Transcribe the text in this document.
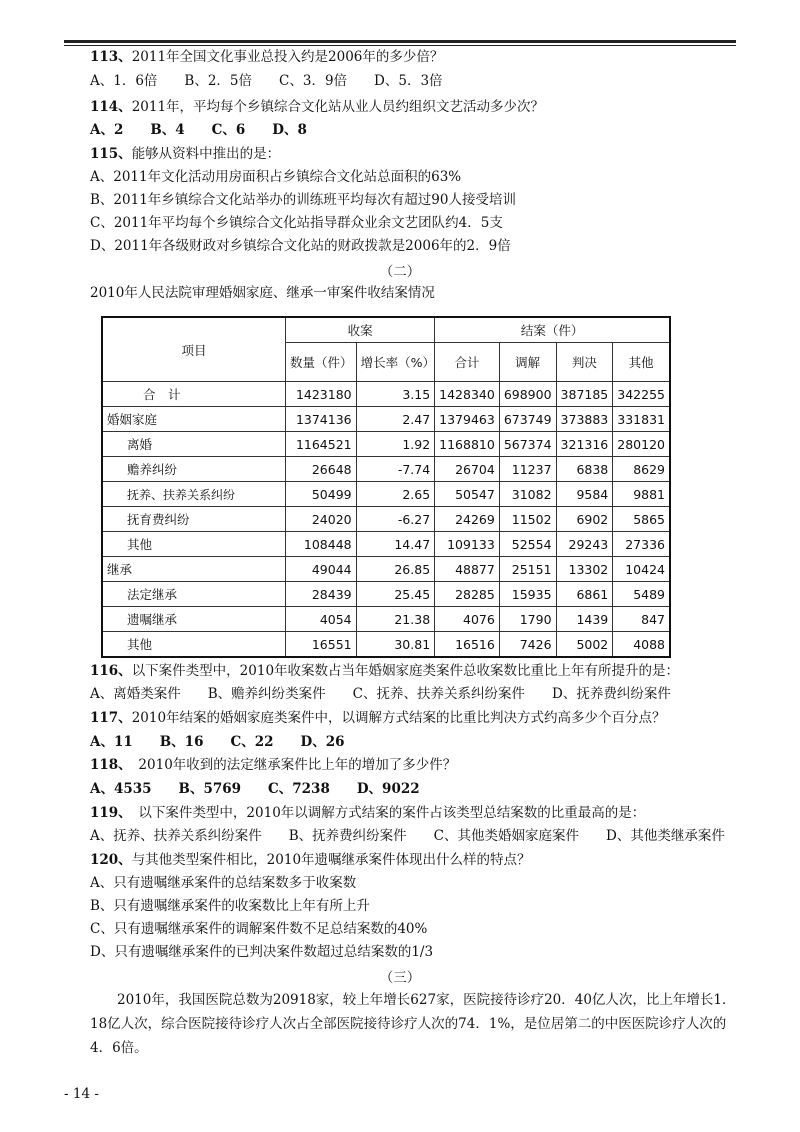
113、2011年全国文化事业总投入约是2006年的多少倍？
A、1．6倍　　B、2．5倍　　C、3．9倍　　D、5．3倍
114、2011年，平均每个乡镇综合文化站从业人员约组织文艺活动多少次？
A、2　　B、4　　C、6　　D、8
115、能够从资料中推出的是：
A、2011年文化活动用房面积占乡镇综合文化站总面积的63%
B、2011年乡镇综合文化站举办的训练班平均每次有超过90人接受培训
C、2011年平均每个乡镇综合文化站指导群众业余文艺团队约4．5支
D、2011年各级财政对乡镇综合文化站的财政拨款是2006年的2．9倍
（二）
2010年人民法院审理婚姻家庭、继承一审案件收结案情况
项目	收案		结案（件）			
	数量（件）	增长率（%）	合计	调解	判决	其他
合　计	1423180	3.15	1428340	698900	387185	342255
婚姻家庭	1374136	2.47	1379463	673749	373883	331831
离婚	1164521	1.92	1168810	567374	321316	280120
赡养纠纷	26648	-7.74	26704	11237	6838	8629
抚养、扶养关系纠纷	50499	2.65	50547	31082	9584	9881
抚育费纠纷	24020	-6.27	24269	11502	6902	5865
其他	108448	14.47	109133	52554	29243	27336
继承	49044	26.85	48877	25151	13302	10424
法定继承	28439	25.45	28285	15935	6861	5489
遗嘱继承	4054	21.38	4076	1790	1439	847
其他	16551	30.81	16516	7426	5002	4088
116、以下案件类型中，2010年收案数占当年婚姻家庭类案件总收案数比重比上年有所提升的是：
A、离婚类案件　　B、赡养纠纷类案件　　C、抚养、扶养关系纠纷案件　　D、抚养费纠纷案件
117、2010年结案的婚姻家庭类案件中，以调解方式结案的比重比判决方式约高多少个百分点？
A、11　　B、16　　C、22　　D、26
118、　2010年收到的法定继承案件比上年的增加了多少件？
A、4535　　B、5769　　C、7238　　D、9022
119、　以下案件类型中，2010年以调解方式结案的案件占该类型总结案数的比重最高的是：
A、抚养、扶养关系纠纷案件　　B、抚养费纠纷案件　　C、其他类婚姻家庭案件　　D、其他类继承案件
120、与其他类型案件相比，2010年遗嘱继承案件体现出什么样的特点？
A、只有遗嘱继承案件的总结案数多于收案数
B、只有遗嘱继承案件的收案数比上年有所上升
C、只有遗嘱继承案件的调解案件数不足总结案数的40%
D、只有遗嘱继承案件的已判决案件数超过总结案数的1/3
（三）
2010年，我国医院总数为20918家，较上年增长627家，医院接待诊疗20．40亿人次，比上年增长1．18亿人次，综合医院接待诊疗人次占全部医院接待诊疗人次的74．1%，是位居第二的中医医院诊疗人次的4．6倍。
- 14 -
